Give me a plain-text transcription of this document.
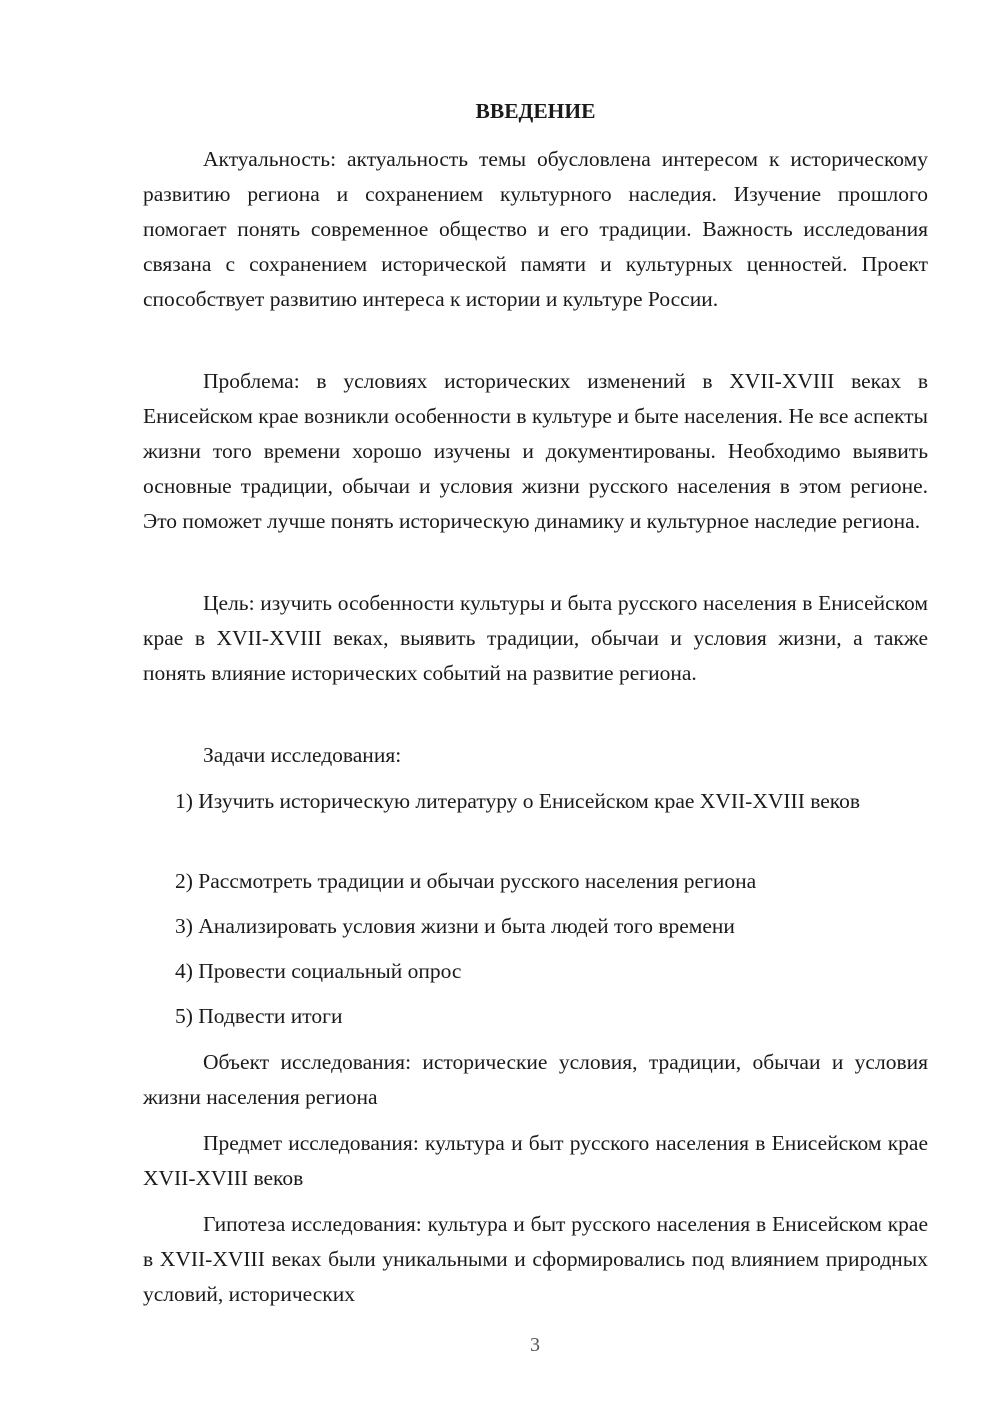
ВВЕДЕНИЕ

Актуальность: актуальность темы обусловлена интересом к историческому развитию региона и сохранением культурного наследия. Изучение прошлого помогает понять современное общество и его традиции. Важность исследования связана с сохранением исторической памяти и культурных ценностей. Проект способствует развитию интереса к истории и культуре России.

Проблема: в условиях исторических изменений в XVII-XVIII веках в Енисейском крае возникли особенности в культуре и быте населения. Не все аспекты жизни того времени хорошо изучены и документированы. Необходимо выявить основные традиции, обычаи и условия жизни русского населения в этом регионе. Это поможет лучше понять историческую динамику и культурное наследие региона.

Цель: изучить особенности культуры и быта русского населения в Енисейском крае в XVII-XVIII веках, выявить традиции, обычаи и условия жизни, а также понять влияние исторических событий на развитие региона.

Задачи исследования:

1) Изучить историческую литературу о Енисейском крае XVII-XVIII веков

2) Рассмотреть традиции и обычаи русского населения региона

3) Анализировать условия жизни и быта людей того времени

4) Провести социальный опрос

5) Подвести итоги

Объект исследования: исторические условия, традиции, обычаи и условия жизни населения региона

Предмет исследования: культура и быт русского населения в Енисейском крае XVII-XVIII веков

Гипотеза исследования: культура и быт русского населения в Енисейском крае в XVII-XVIII веках были уникальными и сформировались под влиянием природных условий, исторических

3
